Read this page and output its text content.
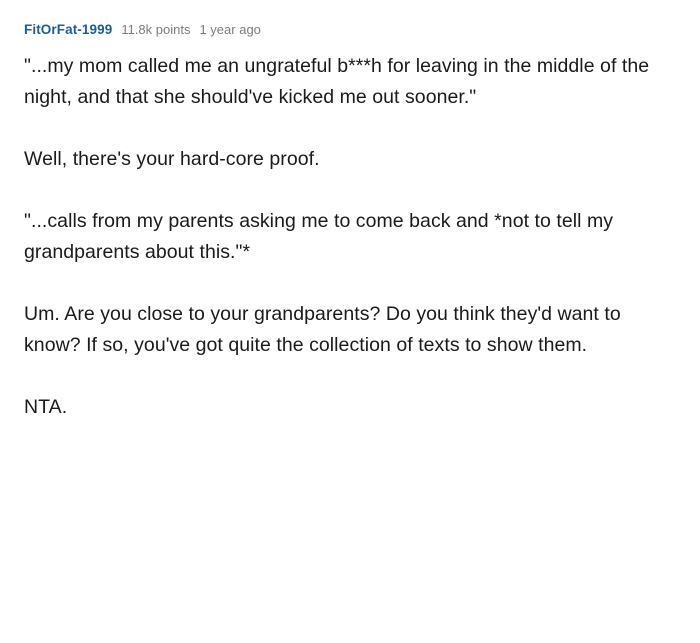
FitOrFat-1999 11.8k points 1 year ago

"...my mom called me an ungrateful b***h for leaving in the middle of the night, and that she should've kicked me out sooner."

Well, there's your hard-core proof.

"...calls from my parents asking me to come back and *not to tell my grandparents about this."*

Um. Are you close to your grandparents? Do you think they'd want to know? If so, you've got quite the collection of texts to show them.

NTA.
